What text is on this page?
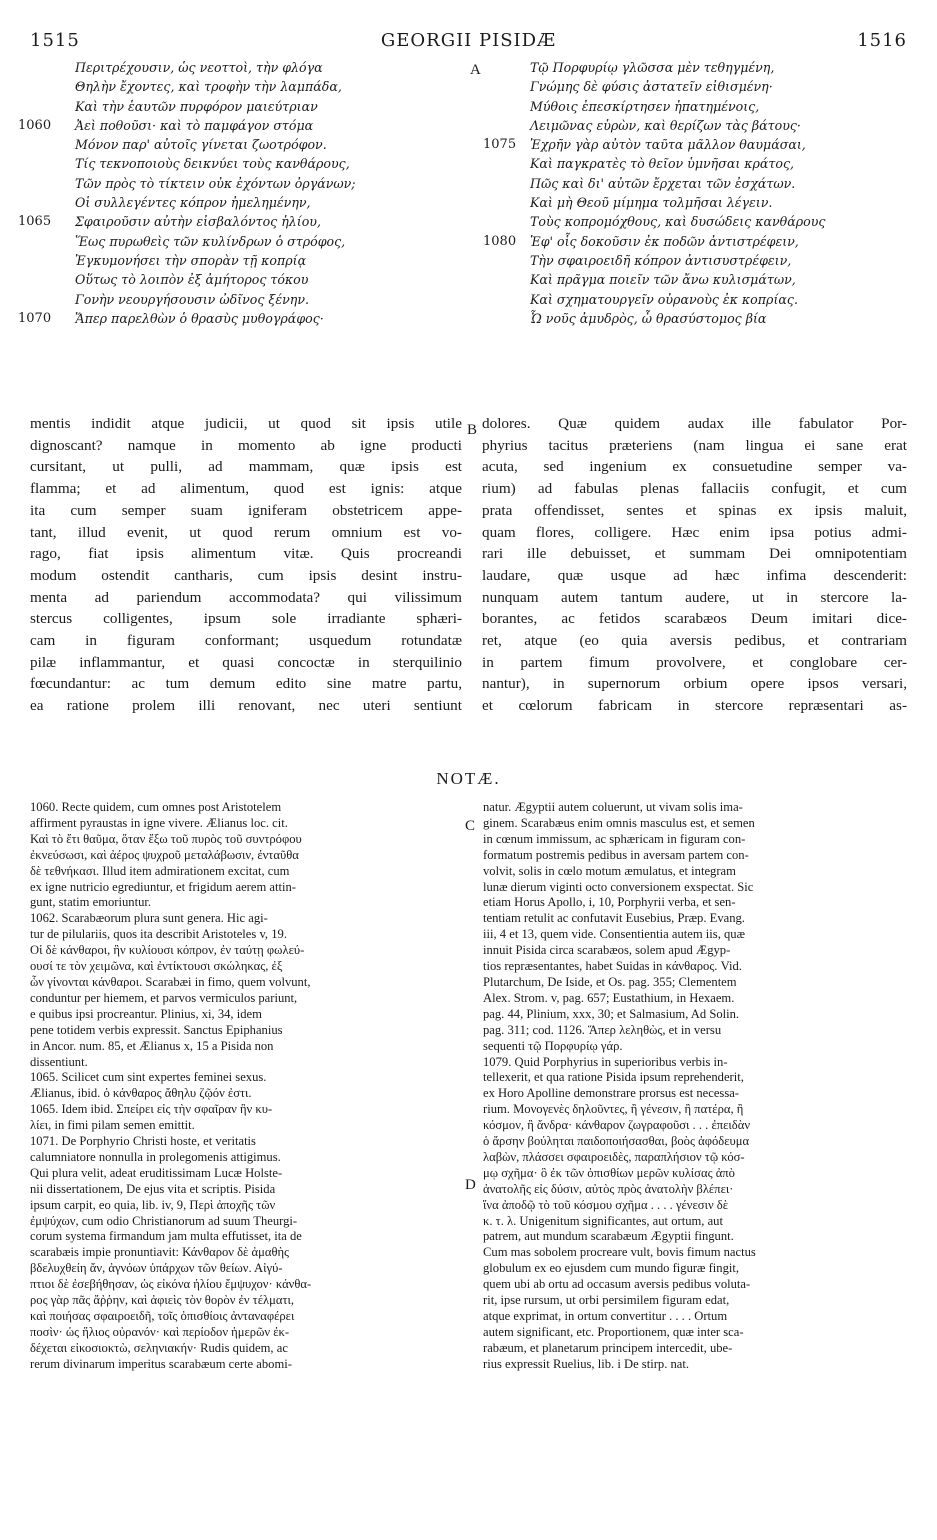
1515	GEORGII PISIDÆ	1516
A
B
C
D
Περιτρέχουσιν, ὡς νεοττοὶ, τὴν φλόγα
Θηλὴν ἔχοντες, καὶ τροφὴν τὴν λαμπάδα,
Καὶ τὴν ἑαυτῶν πυρφόρον μαιεύτριαν
1060 Ἀεὶ ποθοῦσι· καὶ τὸ παμφάγον στόμα
Μόνον παρ' αὐτοῖς γίνεται ζωοτρόφον.
Τίς τεκνοποιοὺς δεικνύει τοὺς κανθάρους,
Τῶν πρὸς τὸ τίκτειν οὐκ ἐχόντων ὀργάνων;
Οἱ συλλεγέντες κόπρον ἠμελημένην,
1065 Σφαιροῦσιν αὐτὴν εἰσβαλόντος ἡλίου,
Ἕως πυρωθεὶς τῶν κυλίνδρων ὁ στρόφος,
Ἐγκυμονήσει τὴν σπορὰν τῇ κοπρίᾳ
Οὕτως τὸ λοιπὸν ἐξ ἀμήτορος τόκου
Γονὴν νεουργήσουσιν ὠδῖνος ξένην.
1070 Ἅπερ παρελθὼν ὁ θρασὺς μυθογράφος·
Τῷ Πορφυρίῳ γλῶσσα μὲν τεθηγμένη,
Γνώμης δὲ φύσις ἀστατεῖν εἰθισμένη·
Μύθοις ἐπεσκίρτησεν ἠπατημένοις,
Λειμῶνας εὑρὼν, καὶ θερίζων τὰς βάτους·
1075 Ἐχρῆν γὰρ αὐτὸν ταῦτα μᾶλλον θαυμάσαι,
Καὶ παγκρατὲς τὸ θεῖον ὑμνῆσαι κράτος,
Πῶς καὶ δι' αὐτῶν ἔρχεται τῶν ἐσχάτων.
Καὶ μὴ Θεοῦ μίμημα τολμῆσαι λέγειν.
Τοὺς κοπρομόχθους, καὶ δυσώδεις κανθάρους
1080 Ἐφ' οἷς δοκοῦσιν ἐκ ποδῶν ἀντιστρέφειν,
Τὴν σφαιροειδῆ κόπρον ἀντισυστρέφειν,
Καὶ πρᾶγμα ποιεῖν τῶν ἄνω κυλισμάτων,
Καὶ σχηματουργεῖν οὐρανοὺς ἐκ κοπρίας.
Ὦ νοῦς ἀμυδρὸς, ὦ θρασύστομος βία
mentis indidit atque judicii, ut quod sit ipsis utile
dignoscant? namque in momento ab igne producti
cursitant, ut pulli, ad mammam, quæ ipsis est
flamma; et ad alimentum, quod est ignis: atque
ita cum semper suam igniferam obstetricem appe-
tant, illud evenit, ut quod rerum omnium est vo-
rago, fiat ipsis alimentum vitæ. Quis procreandi
modum ostendit cantharis, cum ipsis desint instru-
menta ad pariendum accommodata? qui vilissimum
stercus colligentes, ipsum sole irradiante sphæri-
cam in figuram conformant; usquedum rotundatæ
pilæ inflammantur, et quasi concoctæ in sterquilinio
fœcundantur: ac tum demum edito sine matre partu,
ea ratione prolem illi renovant, nec uteri sentiunt
dolores. Quæ quidem audax ille fabulator Por-
phyrius tacitus præteriens (nam lingua ei sane erat
acuta, sed ingenium ex consuetudine semper va-
rium) ad fabulas plenas fallaciis confugit, et cum
prata offendisset, sentes et spinas ex ipsis maluit,
quam flores, colligere. Hæc enim ipsa potius admi-
rari ille debuisset, et summam Dei omnipotentiam
laudare, quæ usque ad hæc infima descenderit:
nunquam autem tantum audere, ut in stercore la-
borantes, ac fetidos scarabæos Deum imitari dice-
ret, atque (eo quia aversis pedibus, et contrariam
in partem fimum provolvere, et conglobare cer-
nantur), in supernorum orbium opere ipsos versari,
et cœlorum fabricam in stercore repræsentari as-
NOTÆ.
1060. Recte quidem, cum omnes post Aristotelem
affirment pyraustas in igne vivere. Ælianus loc. cit.
Καὶ τὸ ἔτι θαῦμα, ὅταν ἔξω τοῦ πυρὸς τοῦ συντρόφου
ἐκνεύσωσι, καὶ ἀέρος ψυχροῦ μεταλάβωσιν, ἐνταῦθα
δὲ τεθνήκασι. Illud item admirationem excitat, cum
ex igne nutricio egrediuntur, et frigidum aerem attin-
gunt, statim emoriuntur.
1062. Scarabæorum plura sunt genera. Hic agi-
tur de pilulariis, quos ita describit Aristoteles v, 19.
Οἱ δὲ κάνθαροι, ἣν κυλίουσι κόπρον, ἐν ταύτῃ φωλεύ-
ουσί τε τὸν χειμῶνα, καὶ ἐντίκτουσι σκώληκας, ἐξ
ὧν γίνονται κάνθαροι. Scarabæi in fimo, quem volvunt,
conduntur per hiemem, et parvos vermiculos pariunt,
e quibus ipsi procreantur. Plinius, xi, 34, idem
pene totidem verbis expressit. Sanctus Epiphanius
in Ancor. num. 85, et Ælianus x, 15 a Pisida non
dissentiunt.
1065. Scilicet cum sint expertes feminei sexus.
Ælianus, ibid. ὁ κάνθαρος ἄθηλυ ζῷόν ἐστι.
1065. Idem ibid. Σπείρει εἰς τὴν σφαῖραν ἣν κυ-
λίει, in fimi pilam semen emittit.
1071. De Porphyrio Christi hoste, et veritatis
calumniatore nonnulla in prolegomenis attigimus.
Qui plura velit, adeat eruditissimam Lucæ Holste-
nii dissertationem, De ejus vita et scriptis. Pisida
ipsum carpit, eo quia, lib. iv, 9, Περὶ ἀποχῆς τῶν
ἐμψύχων, cum odio Christianorum ad suum Theurgi-
corum systema firmandum jam multa effutisset, ita de
scarabæis impie pronuntiavit: Κάνθαρον δὲ ἀμαθὴς
βδελυχθείη ἄν, ἀγνόων ὑπάρχων τῶν θείων. Αἰγύ-
πτιοι δὲ ἐσεβήθησαν, ὡς εἰκόνα ἡλίου ἔμψυχον· κάνθα-
ρος γὰρ πᾶς ἄῤῥην, καὶ ἀφιεὶς τὸν θορὸν ἐν τέλματι,
καὶ ποιήσας σφαιροειδῆ, τοῖς ὀπισθίοις ἀνταναφέρει
ποσὶν· ὡς ἥλιος οὐρανόν· καὶ περίοδον ἡμερῶν ἐκ-
δέχεται εἰκοσιοκτὼ, σεληνιακήν· Rudis quidem, ac
rerum divinarum imperitus scarabæum certe abomi-
natur. Ægyptii autem coluerunt, ut vivam solis ima-
ginem. Scarabæus enim omnis masculus est, et semen
in cœnum immissum, ac sphæricam in figuram con-
formatum postremis pedibus in aversam partem con-
volvit, solis in cœlo motum æmulatus, et integram
lunæ dierum viginti octo conversionem exspectat. Sic
etiam Horus Apollo, i, 10, Porphyrii verba, et sen-
tentiam retulit ac confutavit Eusebius, Præp. Evang.
iii, 4 et 13, quem vide. Consentientia autem iis, quæ
innuit Pisida circa scarabæos, solem apud Ægyp-
tios repræsentantes, habet Suidas in κάνθαρος. Vid.
Plutarchum, De Iside, et Os. pag. 355; Clementem
Alex. Strom. v, pag. 657; Eustathium, in Hexaem.
pag. 44, Plinium, xxx, 30; et Salmasium, Ad Solin.
pag. 311; cod. 1126. Ἅπερ λεληθὼς, et in versu
sequenti τῷ Πορφυρίῳ γάρ.
1079. Quid Porphyrius in superioribus verbis in-
tellexerit, et qua ratione Pisida ipsum reprehenderit,
ex Horo Apolline demonstrare prorsus est necessa-
rium. Μονογενὲς δηλοῦντες, ἢ γένεσιν, ἢ πατέρα, ἢ
κόσμον, ἢ ἄνδρα· κάνθαρον ζωγραφοῦσι . . . ἐπειδὰν
ὁ ἄρσην βούληται παιδοποιήσασθαι, βοὸς ἀφόδευμα
λαβὼν, πλάσσει σφαιροειδὲς, παραπλήσιον τῷ κόσ-
μῳ σχῆμα· ὃ ἐκ τῶν ὀπισθίων μερῶν κυλίσας ἀπὸ
ἀνατολῆς εἰς δύσιν, αὐτὸς πρὸς ἀνατολὴν βλέπει·
ἵνα ἀποδῷ τὸ τοῦ κόσμου σχῆμα . . . . γένεσιν δὲ
κ. τ. λ. Unigenitum significantes, aut ortum, aut
patrem, aut mundum scarabæum Ægyptii fingunt.
Cum mas sobolem procreare vult, bovis fimum nactus
globulum ex eo ejusdem cum mundo figuræ fingit,
quem ubi ab ortu ad occasum aversis pedibus voluta-
rit, ipse rursum, ut orbi persimilem figuram edat,
atque exprimat, in ortum convertitur . . . . Ortum
autem significant, etc. Proportionem, quæ inter sca-
rabæum, et planetarum principem intercedit, ube-
rius expressit Ruelius, lib. i De stirp. nat.
